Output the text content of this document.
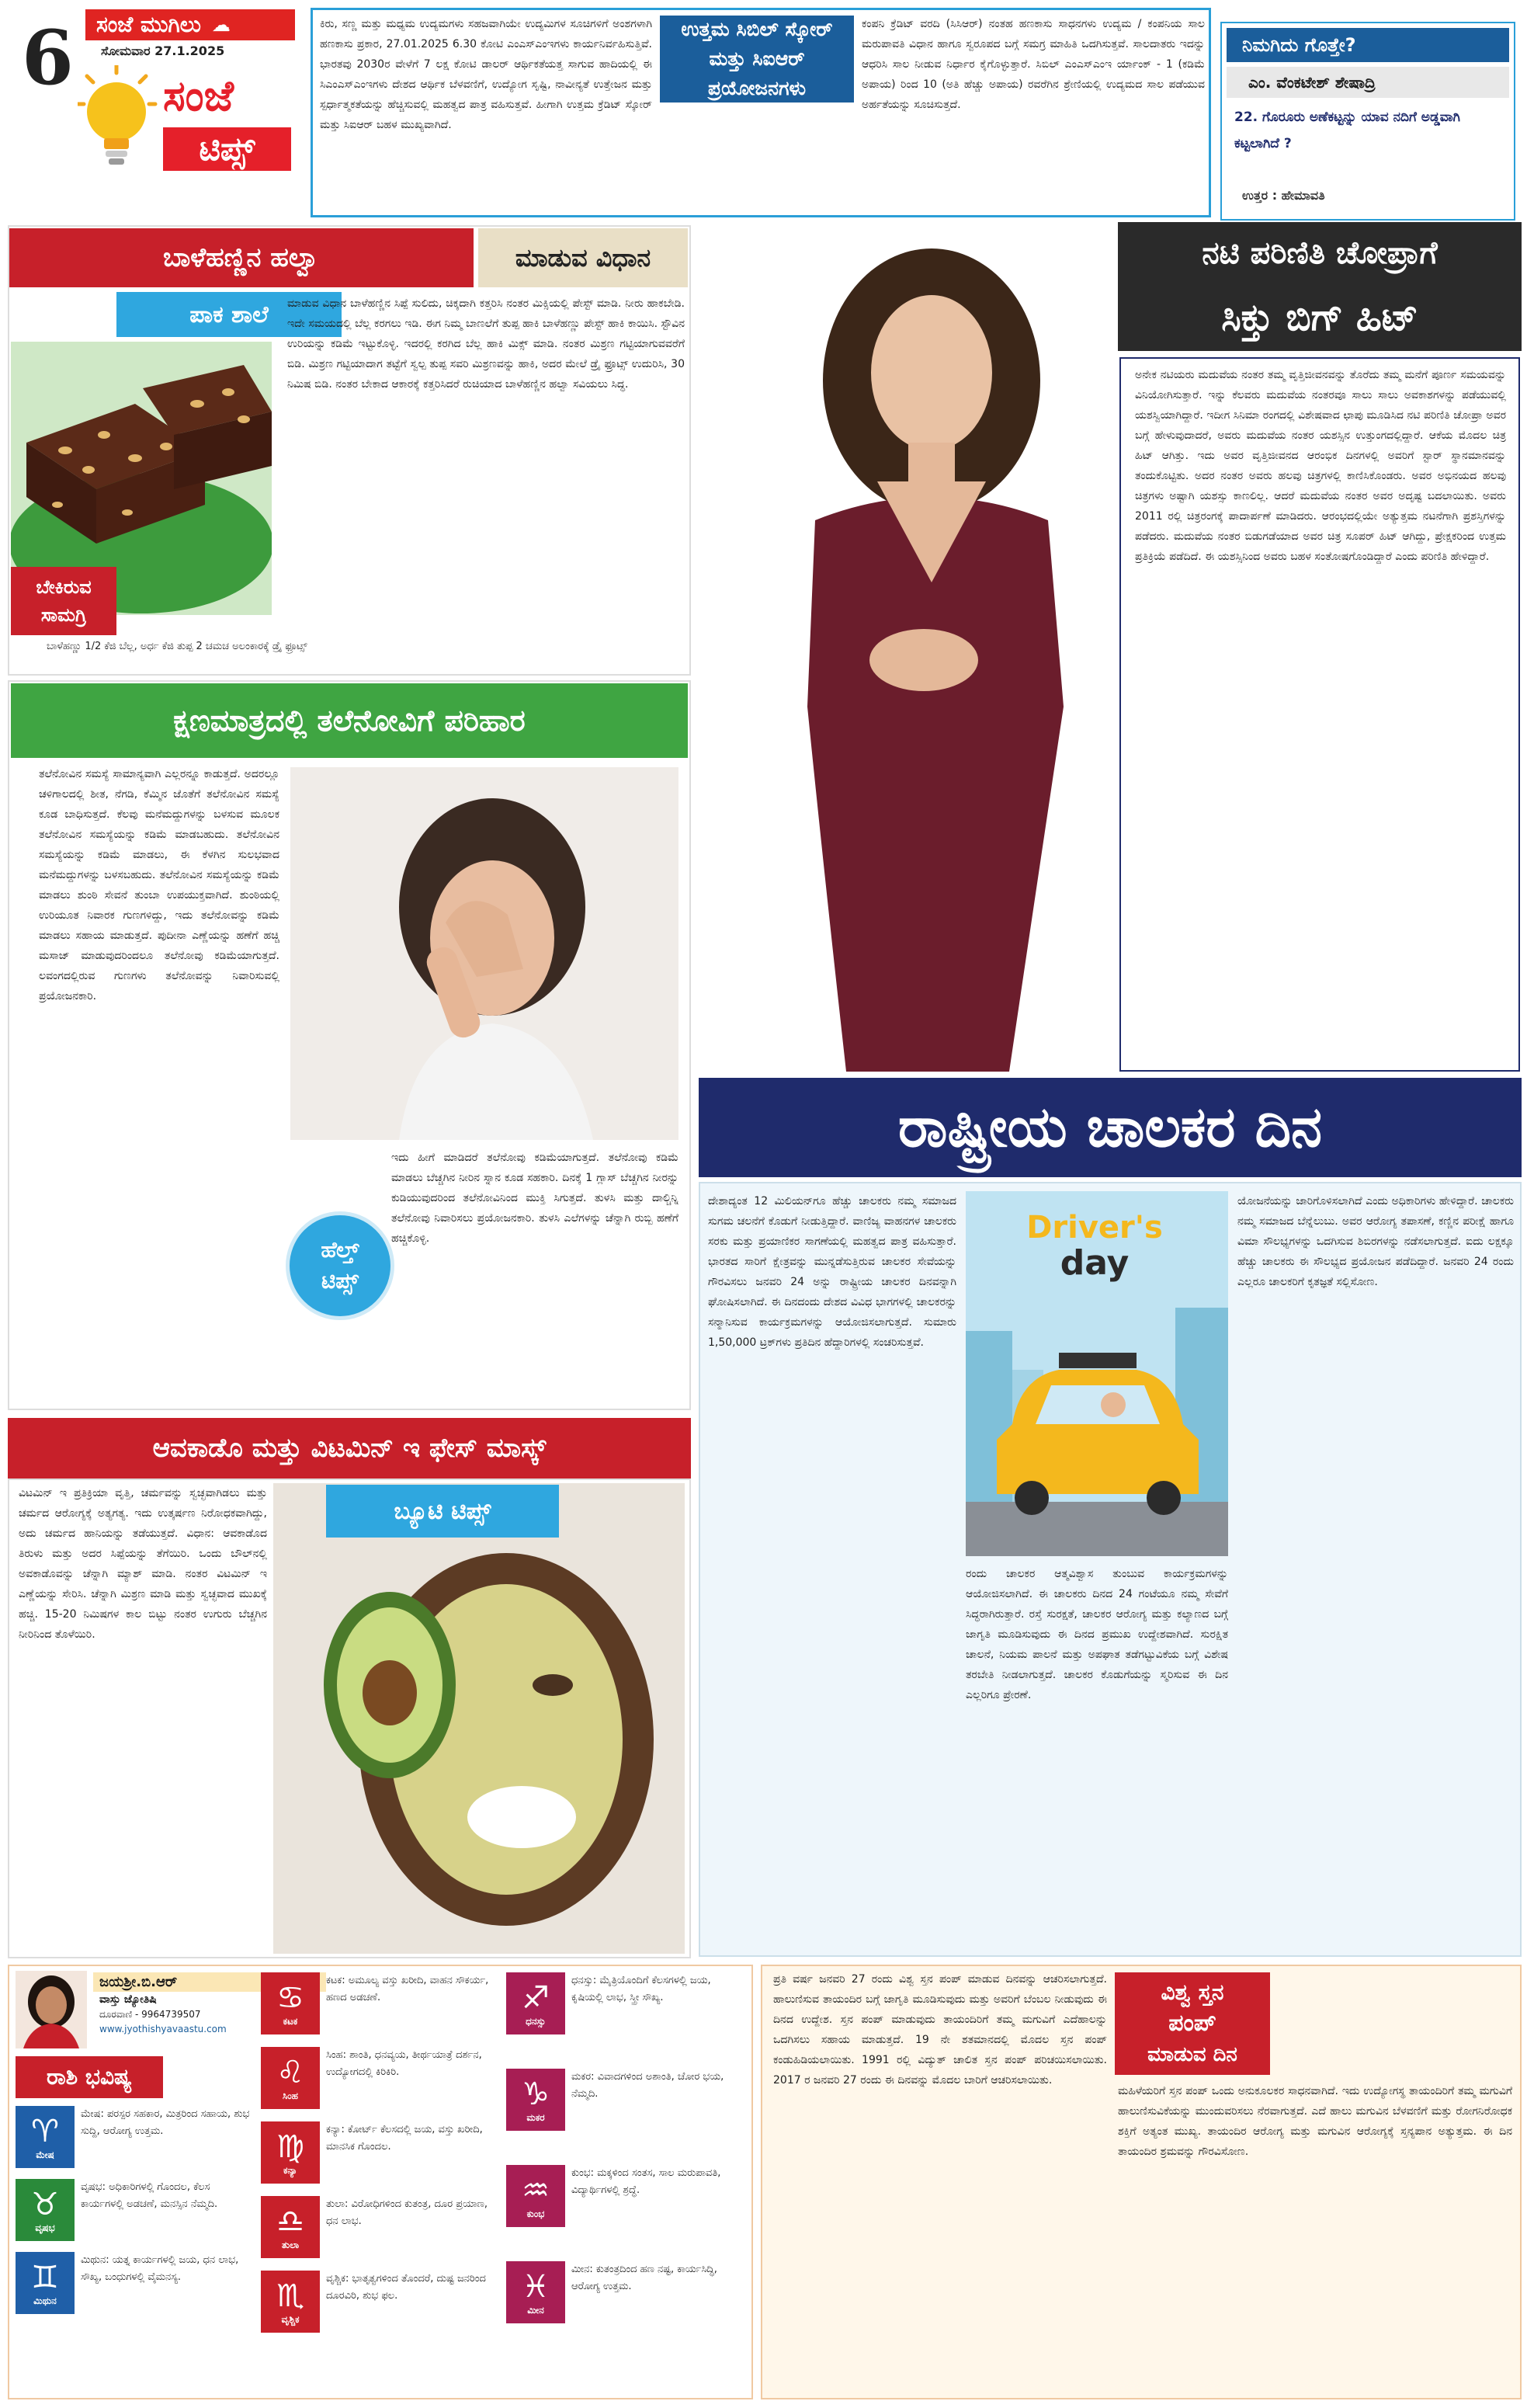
6 ಸಂಜೆ ಮುಗಿಲು ☁
ಸೋಮವಾರ 27.1.2025
ಸಂಜೆ
ಟಿಪ್ಸ್
ಕಿರು, ಸಣ್ಣ ಮತ್ತು ಮಧ್ಯಮ ಉದ್ಯಮಗಳು ಸಹಜವಾಗಿಯೇ ಉದ್ಯಮಿಗಳ ಸೂಚಿಗಳಿಗೆ ಅಂಶಗಳಾಗಿ ಹಣಕಾಸು ಪ್ರಕಾರ, 27.01.2025 6.30 ಕೋಟಿ ಎಂಎಸ್‌ಎಂಇಗಳು ಕಾರ್ಯನಿರ್ವಹಿಸುತ್ತಿವೆ. ಭಾರತವು 2030ರ ವೇಳೆಗೆ 7 ಲಕ್ಷ ಕೋಟಿ ಡಾಲರ್ ಆರ್ಥಿಕತೆಯತ್ತ ಸಾಗುವ ಹಾದಿಯಲ್ಲಿ ಈ ಸಿಎಂಎಸ್‌ಎಂಇಗಳು ದೇಶದ ಆರ್ಥಿಕ ಬೆಳವಣಿಗೆ, ಉದ್ಯೋಗ ಸೃಷ್ಟಿ, ನಾವೀನ್ಯತೆ ಉತ್ತೇಜನ ಮತ್ತು ಸ್ಪರ್ಧಾತ್ಮಕತೆಯನ್ನು ಹೆಚ್ಚಿಸುವಲ್ಲಿ ಮಹತ್ವದ ಪಾತ್ರ ವಹಿಸುತ್ತವೆ. ಹೀಗಾಗಿ ಉತ್ತಮ ಕ್ರೆಡಿಟ್ ಸ್ಕೋರ್ ಮತ್ತು ಸಿಐಆರ್ ಬಹಳ ಮುಖ್ಯವಾಗಿದೆ.
ಉತ್ತಮ ಸಿಬಿಲ್ ಸ್ಕೋರ್
ಮತ್ತು ಸಿಐಆರ್
ಪ್ರಯೋಜನಗಳು
ಕಂಪನಿ ಕ್ರೆಡಿಟ್ ವರದಿ (ಸಿಸಿಆರ್) ನಂತಹ ಹಣಕಾಸು ಸಾಧನಗಳು ಉದ್ಯಮ / ಕಂಪನಿಯ ಸಾಲ ಮರುಪಾವತಿ ವಿಧಾನ ಹಾಗೂ ಸ್ವರೂಪದ ಬಗ್ಗೆ ಸಮಗ್ರ ಮಾಹಿತಿ ಒದಗಿಸುತ್ತವೆ. ಸಾಲದಾತರು ಇದನ್ನು ಆಧರಿಸಿ ಸಾಲ ನೀಡುವ ನಿರ್ಧಾರ ಕೈಗೊಳ್ಳುತ್ತಾರೆ. ಸಿಬಿಲ್ ಎಂಎಸ್‌ಎಂಇ ರ್ಯಾಂಕ್ - 1 (ಕಡಿಮೆ ಅಪಾಯ) ರಿಂದ 10 (ಅತಿ ಹೆಚ್ಚು ಅಪಾಯ) ರವರೆಗಿನ ಶ್ರೇಣಿಯಲ್ಲಿ ಉದ್ಯಮದ ಸಾಲ ಪಡೆಯುವ ಅರ್ಹತೆಯನ್ನು ಸೂಚಿಸುತ್ತದೆ.
ನಿಮಗಿದು ಗೊತ್ತೇ?
ಎಂ. ವೆಂಕಟೇಶ್ ಶೇಷಾದ್ರಿ
22. ಗೊರೂರು ಅಣೆಕಟ್ಟನ್ನು ಯಾವ ನದಿಗೆ ಅಡ್ಡವಾಗಿ ಕಟ್ಟಲಾಗಿದೆ ?
ಉತ್ತರ : ಹೇಮಾವತಿ
ಬಾಳೆಹಣ್ಣಿನ ಹಲ್ವಾ	ಮಾಡುವ ವಿಧಾನ
ಪಾಕ ಶಾಲೆ
ಬೇಕಿರುವ
ಸಾಮಗ್ರಿ
ಬಾಳೆಹಣ್ಣು 1/2 ಕೆಜಿ ಬೆಲ್ಲ, ಅರ್ಧ ಕೆಜಿ ತುಪ್ಪ 2 ಚಮಚ ಅಲಂಕಾರಕ್ಕೆ ಡ್ರೈ ಫ್ರೂಟ್ಸ್
ಮಾಡುವ ವಿಧಾನ ಬಾಳೆಹಣ್ಣಿನ ಸಿಪ್ಪೆ ಸುಲಿದು, ಚಿಕ್ಕದಾಗಿ ಕತ್ತರಿಸಿ ನಂತರ ಮಿಕ್ಸಿಯಲ್ಲಿ ಪೇಸ್ಟ್ ಮಾಡಿ. ನೀರು ಹಾಕಬೇಡಿ. ಇದೇ ಸಮಯದಲ್ಲಿ ಬೆಲ್ಲ ಕರಗಲು ಇಡಿ. ಈಗ ನಿಮ್ಮ ಬಾಣಲೆಗೆ ತುಪ್ಪ ಹಾಕಿ ಬಾಳೆಹಣ್ಣು ಪೇಸ್ಟ್ ಹಾಕಿ ಕಾಯಿಸಿ. ಸ್ಟೌವಿನ ಉರಿಯನ್ನು ಕಡಿಮೆ ಇಟ್ಟುಕೊಳ್ಳಿ. ಇದರಲ್ಲಿ ಕರಗಿದ ಬೆಲ್ಲ ಹಾಕಿ ಮಿಕ್ಸ್ ಮಾಡಿ. ನಂತರ ಮಿಶ್ರಣ ಗಟ್ಟಿಯಾಗುವವರೆಗೆ ಬಿಡಿ. ಮಿಶ್ರಣ ಗಟ್ಟಿಯಾದಾಗ ತಟ್ಟೆಗೆ ಸ್ವಲ್ಪ ತುಪ್ಪ ಸವರಿ ಮಿಶ್ರಣವನ್ನು ಹಾಕಿ, ಅದರ ಮೇಲೆ ಡ್ರೈ ಫ್ರೂಟ್ಸ್ ಉದುರಿಸಿ, 30 ನಿಮಿಷ ಬಿಡಿ. ನಂತರ ಬೇಕಾದ ಆಕಾರಕ್ಕೆ ಕತ್ತರಿಸಿದರೆ ರುಚಿಯಾದ ಬಾಳೆಹಣ್ಣಿನ ಹಲ್ವಾ ಸವಿಯಲು ಸಿದ್ಧ.
ಕ್ಷಣಮಾತ್ರದಲ್ಲಿ ತಲೆನೋವಿಗೆ ಪರಿಹಾರ
ತಲೆನೋವಿನ ಸಮಸ್ಯೆ ಸಾಮಾನ್ಯವಾಗಿ ಎಲ್ಲರನ್ನೂ ಕಾಡುತ್ತದೆ. ಅದರಲ್ಲೂ ಚಳಿಗಾಲದಲ್ಲಿ ಶೀತ, ನೆಗಡಿ, ಕೆಮ್ಮಿನ ಜೊತೆಗೆ ತಲೆನೋವಿನ ಸಮಸ್ಯೆ ಕೂಡ ಬಾಧಿಸುತ್ತದೆ. ಕೆಲವು ಮನೆಮದ್ದುಗಳನ್ನು ಬಳಸುವ ಮೂಲಕ ತಲೆನೋವಿನ ಸಮಸ್ಯೆಯನ್ನು ಕಡಿಮೆ ಮಾಡಬಹುದು. ತಲೆನೋವಿನ ಸಮಸ್ಯೆಯನ್ನು ಕಡಿಮೆ ಮಾಡಲು, ಈ ಕೆಳಗಿನ ಸುಲಭವಾದ ಮನೆಮದ್ದುಗಳನ್ನು ಬಳಸಬಹುದು. ತಲೆನೋವಿನ ಸಮಸ್ಯೆಯನ್ನು ಕಡಿಮೆ ಮಾಡಲು ಶುಂಠಿ ಸೇವನೆ ತುಂಬಾ ಉಪಯುಕ್ತವಾಗಿದೆ. ಶುಂಠಿಯಲ್ಲಿ ಉರಿಯೂತ ನಿವಾರಕ ಗುಣಗಳಿದ್ದು, ಇದು ತಲೆನೋವನ್ನು ಕಡಿಮೆ ಮಾಡಲು ಸಹಾಯ ಮಾಡುತ್ತದೆ. ಪುದೀನಾ ಎಣ್ಣೆಯನ್ನು ಹಣೆಗೆ ಹಚ್ಚಿ ಮಸಾಜ್ ಮಾಡುವುದರಿಂದಲೂ ತಲೆನೋವು ಕಡಿಮೆಯಾಗುತ್ತದೆ. ಲವಂಗದಲ್ಲಿರುವ ಗುಣಗಳು ತಲೆನೋವನ್ನು ನಿವಾರಿಸುವಲ್ಲಿ ಪ್ರಯೋಜನಕಾರಿ.
ಇದು ಹೀಗೆ ಮಾಡಿದರೆ ತಲೆನೋವು ಕಡಿಮೆಯಾಗುತ್ತದೆ. ತಲೆನೋವು ಕಡಿಮೆ ಮಾಡಲು ಬೆಚ್ಚಗಿನ ನೀರಿನ ಸ್ನಾನ ಕೂಡ ಸಹಕಾರಿ. ದಿನಕ್ಕೆ 1 ಗ್ಲಾಸ್ ಬೆಚ್ಚಗಿನ ನೀರನ್ನು ಕುಡಿಯುವುದರಿಂದ ತಲೆನೋವಿನಿಂದ ಮುಕ್ತಿ ಸಿಗುತ್ತದೆ. ತುಳಸಿ ಮತ್ತು ದಾಲ್ಚಿನ್ನಿ ತಲೆನೋವು ನಿವಾರಿಸಲು ಪ್ರಯೋಜನಕಾರಿ. ತುಳಸಿ ಎಲೆಗಳನ್ನು ಚೆನ್ನಾಗಿ ರುಬ್ಬಿ ಹಣೆಗೆ ಹಚ್ಚಿಕೊಳ್ಳಿ.
ಹೆಲ್ತ್
ಟಿಪ್ಸ್
ನಟಿ ಪರಿಣಿತಿ ಚೋಪ್ರಾಗೆ
ಸಿಕ್ತು ಬಿಗ್ ಹಿಟ್
ಅನೇಕ ನಟಿಯರು ಮದುವೆಯ ನಂತರ ತಮ್ಮ ವೃತ್ತಿಜೀವನವನ್ನು ತೊರೆದು ತಮ್ಮ ಮನೆಗೆ ಪೂರ್ಣ ಸಮಯವನ್ನು ವಿನಿಯೋಗಿಸುತ್ತಾರೆ. ಇನ್ನು ಕೆಲವರು ಮದುವೆಯ ನಂತರವೂ ಸಾಲು ಸಾಲು ಅವಕಾಶಗಳನ್ನು ಪಡೆಯುವಲ್ಲಿ ಯಶಸ್ವಿಯಾಗಿದ್ದಾರೆ. ಇದೀಗ ಸಿನಿಮಾ ರಂಗದಲ್ಲಿ ವಿಶೇಷವಾದ ಛಾಪು ಮೂಡಿಸಿದ ನಟಿ ಪರಿಣಿತಿ ಚೋಪ್ರಾ ಅವರ ಬಗ್ಗೆ ಹೇಳುವುದಾದರೆ, ಅವರು ಮದುವೆಯ ನಂತರ ಯಶಸ್ಸಿನ ಉತ್ತುಂಗದಲ್ಲಿದ್ದಾರೆ. ಆಕೆಯ ಮೊದಲ ಚಿತ್ರ ಹಿಟ್ ಆಗಿತ್ತು. ಇದು ಅವರ ವೃತ್ತಿಜೀವನದ ಆರಂಭಿಕ ದಿನಗಳಲ್ಲಿ ಅವರಿಗೆ ಸ್ಟಾರ್ ಸ್ಥಾನಮಾನವನ್ನು ತಂದುಕೊಟ್ಟಿತು. ಅದರ ನಂತರ ಅವರು ಹಲವು ಚಿತ್ರಗಳಲ್ಲಿ ಕಾಣಿಸಿಕೊಂಡರು. ಅವರ ಅಭಿನಯದ ಹಲವು ಚಿತ್ರಗಳು ಅಷ್ಟಾಗಿ ಯಶಸ್ಸು ಕಾಣಲಿಲ್ಲ. ಆದರೆ ಮದುವೆಯ ನಂತರ ಅವರ ಅದೃಷ್ಟ ಬದಲಾಯಿತು. ಅವರು 2011 ರಲ್ಲಿ ಚಿತ್ರರಂಗಕ್ಕೆ ಪಾದಾರ್ಪಣೆ ಮಾಡಿದರು. ಆರಂಭದಲ್ಲಿಯೇ ಅತ್ಯುತ್ತಮ ನಟನೆಗಾಗಿ ಪ್ರಶಸ್ತಿಗಳನ್ನು ಪಡೆದರು. ಮದುವೆಯ ನಂತರ ಬಿಡುಗಡೆಯಾದ ಅವರ ಚಿತ್ರ ಸೂಪರ್ ಹಿಟ್ ಆಗಿದ್ದು, ಪ್ರೇಕ್ಷಕರಿಂದ ಉತ್ತಮ ಪ್ರತಿಕ್ರಿಯೆ ಪಡೆದಿದೆ. ಈ ಯಶಸ್ಸಿನಿಂದ ಅವರು ಬಹಳ ಸಂತೋಷಗೊಂಡಿದ್ದಾರೆ ಎಂದು ಪರಿಣಿತಿ ಹೇಳಿದ್ದಾರೆ.
ರಾಷ್ಟ್ರೀಯ ಚಾಲಕರ ದಿನ
ದೇಶಾದ್ಯಂತ 12 ಮಿಲಿಯನ್‌ಗೂ ಹೆಚ್ಚು ಚಾಲಕರು ನಮ್ಮ ಸಮಾಜದ ಸುಗಮ ಚಲನೆಗೆ ಕೊಡುಗೆ ನೀಡುತ್ತಿದ್ದಾರೆ. ವಾಣಿಜ್ಯ ವಾಹನಗಳ ಚಾಲಕರು ಸರಕು ಮತ್ತು ಪ್ರಯಾಣಿಕರ ಸಾಗಣೆಯಲ್ಲಿ ಮಹತ್ವದ ಪಾತ್ರ ವಹಿಸುತ್ತಾರೆ. ಭಾರತದ ಸಾರಿಗೆ ಕ್ಷೇತ್ರವನ್ನು ಮುನ್ನಡೆಸುತ್ತಿರುವ ಚಾಲಕರ ಸೇವೆಯನ್ನು ಗೌರವಿಸಲು ಜನವರಿ 24 ಅನ್ನು ರಾಷ್ಟ್ರೀಯ ಚಾಲಕರ ದಿನವನ್ನಾಗಿ ಘೋಷಿಸಲಾಗಿದೆ. ಈ ದಿನದಂದು ದೇಶದ ವಿವಿಧ ಭಾಗಗಳಲ್ಲಿ ಚಾಲಕರನ್ನು ಸನ್ಮಾನಿಸುವ ಕಾರ್ಯಕ್ರಮಗಳನ್ನು ಆಯೋಜಿಸಲಾಗುತ್ತದೆ. ಸುಮಾರು 1,50,000 ಟ್ರಕ್‌ಗಳು ಪ್ರತಿದಿನ ಹೆದ್ದಾರಿಗಳಲ್ಲಿ ಸಂಚರಿಸುತ್ತವೆ.
Driver's
day
ರಂದು ಚಾಲಕರ ಆತ್ಮವಿಶ್ವಾಸ ತುಂಬುವ ಕಾರ್ಯಕ್ರಮಗಳನ್ನು ಆಯೋಜಿಸಲಾಗಿದೆ. ಈ ಚಾಲಕರು ದಿನದ 24 ಗಂಟೆಯೂ ನಮ್ಮ ಸೇವೆಗೆ ಸಿದ್ಧರಾಗಿರುತ್ತಾರೆ. ರಸ್ತೆ ಸುರಕ್ಷತೆ, ಚಾಲಕರ ಆರೋಗ್ಯ ಮತ್ತು ಕಲ್ಯಾಣದ ಬಗ್ಗೆ ಜಾಗೃತಿ ಮೂಡಿಸುವುದು ಈ ದಿನದ ಪ್ರಮುಖ ಉದ್ದೇಶವಾಗಿದೆ. ಸುರಕ್ಷಿತ ಚಾಲನೆ, ನಿಯಮ ಪಾಲನೆ ಮತ್ತು ಅಪಘಾತ ತಡೆಗಟ್ಟುವಿಕೆಯ ಬಗ್ಗೆ ವಿಶೇಷ ತರಬೇತಿ ನೀಡಲಾಗುತ್ತದೆ. ಚಾಲಕರ ಕೊಡುಗೆಯನ್ನು ಸ್ಮರಿಸುವ ಈ ದಿನ ಎಲ್ಲರಿಗೂ ಪ್ರೇರಣೆ.
ಯೋಜನೆಯನ್ನು ಜಾರಿಗೊಳಿಸಲಾಗಿದೆ ಎಂದು ಅಧಿಕಾರಿಗಳು ಹೇಳಿದ್ದಾರೆ. ಚಾಲಕರು ನಮ್ಮ ಸಮಾಜದ ಬೆನ್ನೆಲುಬು. ಅವರ ಆರೋಗ್ಯ ತಪಾಸಣೆ, ಕಣ್ಣಿನ ಪರೀಕ್ಷೆ ಹಾಗೂ ವಿಮಾ ಸೌಲಭ್ಯಗಳನ್ನು ಒದಗಿಸುವ ಶಿಬಿರಗಳನ್ನು ನಡೆಸಲಾಗುತ್ತದೆ. ಐದು ಲಕ್ಷಕ್ಕೂ ಹೆಚ್ಚು ಚಾಲಕರು ಈ ಸೌಲಭ್ಯದ ಪ್ರಯೋಜನ ಪಡೆದಿದ್ದಾರೆ. ಜನವರಿ 24 ರಂದು ಎಲ್ಲರೂ ಚಾಲಕರಿಗೆ ಕೃತಜ್ಞತೆ ಸಲ್ಲಿಸೋಣ.
ಆವಕಾಡೊ ಮತ್ತು ವಿಟಮಿನ್ ಇ ಫೇಸ್ ಮಾಸ್ಕ್
ವಿಟಮಿನ್ ಇ ಪ್ರತಿಕ್ರಿಯಾ ವೃತ್ತಿ, ಚರ್ಮವನ್ನು ಸ್ವಚ್ಛವಾಗಿಡಲು ಮತ್ತು ಚರ್ಮದ ಆರೋಗ್ಯಕ್ಕೆ ಅತ್ಯಗತ್ಯ. ಇದು ಉತ್ಕರ್ಷಣ ನಿರೋಧಕವಾಗಿದ್ದು, ಅದು ಚರ್ಮದ ಹಾನಿಯನ್ನು ತಡೆಯುತ್ತದೆ. ವಿಧಾನ: ಆವಕಾಡೊದ ತಿರುಳು ಮತ್ತು ಅದರ ಸಿಪ್ಪೆಯನ್ನು ತೆಗೆಯಿರಿ. ಒಂದು ಬೌಲ್‌ನಲ್ಲಿ ಅವಕಾಡೊವನ್ನು ಚೆನ್ನಾಗಿ ಮ್ಯಾಶ್ ಮಾಡಿ. ನಂತರ ವಿಟಮಿನ್ ಇ ಎಣ್ಣೆಯನ್ನು ಸೇರಿಸಿ. ಚೆನ್ನಾಗಿ ಮಿಶ್ರಣ ಮಾಡಿ ಮತ್ತು ಸ್ವಚ್ಛವಾದ ಮುಖಕ್ಕೆ ಹಚ್ಚಿ. 15-20 ನಿಮಿಷಗಳ ಕಾಲ ಬಿಟ್ಟು ನಂತರ ಉಗುರು ಬೆಚ್ಚಗಿನ ನೀರಿನಿಂದ ತೊಳೆಯಿರಿ.
ಬ್ಯೂಟಿ ಟಿಪ್ಸ್
ಜಯಶ್ರೀ.ಬಿ.ಆರ್
ವಾಸ್ತು ಜ್ಯೋತಿಷಿ
ದೂರವಾಣಿ - 9964739507
www.jyothishyavaastu.com
ರಾಶಿ ಭವಿಷ್ಯ
♈
ಮೇಷ
ಮೇಷ: ಪರಸ್ಪರ ಸಹಕಾರ, ಮಿತ್ರರಿಂದ ಸಹಾಯ, ಶುಭ ಸುದ್ದಿ, ಆರೋಗ್ಯ ಉತ್ತಮ.
♉
ವೃಷಭ
ವೃಷಭ: ಅಧಿಕಾರಿಗಳಲ್ಲಿ ಗೊಂದಲ, ಕೆಲಸ ಕಾರ್ಯಗಳಲ್ಲಿ ಅಡಚಣೆ, ಮನಸ್ಸಿನ ನೆಮ್ಮದಿ.
♊
ಮಿಥುನ
ಮಿಥುನ: ಯತ್ನ ಕಾರ್ಯಗಳಲ್ಲಿ ಜಯ, ಧನ ಲಾಭ, ಸೌಖ್ಯ, ಬಂಧುಗಳಲ್ಲಿ ವೈಮನಸ್ಯ.
♋
ಕಟಕ
ಕಟಕ: ಅಮೂಲ್ಯ ವಸ್ತು ಖರೀದಿ, ವಾಹನ ಸೌಕರ್ಯ, ಹಣದ ಅಡಚಣೆ.
♌
ಸಿಂಹ
ಸಿಂಹ: ಶಾಂತಿ, ಧನವ್ಯಯ, ತೀರ್ಥಯಾತ್ರೆ ದರ್ಶನ, ಉದ್ಯೋಗದಲ್ಲಿ ಕಿರಿಕಿರಿ.
♍
ಕನ್ಯಾ
ಕನ್ಯಾ: ಕೋರ್ಟ್ ಕೆಲಸದಲ್ಲಿ ಜಯ, ವಸ್ತು ಖರೀದಿ, ಮಾನಸಿಕ ಗೊಂದಲ.
♎
ತುಲಾ
ತುಲಾ: ವಿರೋಧಿಗಳಿಂದ ಕುತಂತ್ರ, ದೂರ ಪ್ರಯಾಣ, ಧನ ಲಾಭ.
♏
ವೃಶ್ಚಿಕ
ವೃಶ್ಚಿಕ: ಭಾತೃತ್ವಗಳಿಂದ ತೊಂದರೆ, ದುಷ್ಟ ಜನರಿಂದ ದೂರವಿರಿ, ಶುಭ ಫಲ.
♐
ಧನಸ್ಸು
ಧನಸ್ಸು: ಮೈತ್ರಿಯೊಂದಿಗೆ ಕೆಲಸಗಳಲ್ಲಿ ಜಯ, ಕೃಷಿಯಲ್ಲಿ ಲಾಭ, ಸ್ತ್ರೀ ಸೌಖ್ಯ.
♑
ಮಕರ
ಮಕರ: ವಿವಾದಗಳಿಂದ ಅಶಾಂತಿ, ಚೋರ ಭಯ, ನೆಮ್ಮದಿ.
♒
ಕುಂಭ
ಕುಂಭ: ಮಕ್ಕಳಿಂದ ಸಂತಸ, ಸಾಲ ಮರುಪಾವತಿ, ವಿದ್ಯಾರ್ಥಿಗಳಲ್ಲಿ ಶ್ರದ್ಧೆ.
♓
ಮೀನ
ಮೀನ: ಕುತಂತ್ರದಿಂದ ಹಣ ನಷ್ಟ, ಕಾರ್ಯಸಿದ್ಧಿ, ಆರೋಗ್ಯ ಉತ್ತಮ.
ಪ್ರತಿ ವರ್ಷ ಜನವರಿ 27 ರಂದು ವಿಶ್ವ ಸ್ತನ ಪಂಪ್ ಮಾಡುವ ದಿನವನ್ನು ಆಚರಿಸಲಾಗುತ್ತದೆ. ಹಾಲುಣಿಸುವ ತಾಯಂದಿರ ಬಗ್ಗೆ ಜಾಗೃತಿ ಮೂಡಿಸುವುದು ಮತ್ತು ಅವರಿಗೆ ಬೆಂಬಲ ನೀಡುವುದು ಈ ದಿನದ ಉದ್ದೇಶ. ಸ್ತನ ಪಂಪ್ ಮಾಡುವುದು ತಾಯಂದಿರಿಗೆ ತಮ್ಮ ಮಗುವಿಗೆ ಎದೆಹಾಲನ್ನು ಒದಗಿಸಲು ಸಹಾಯ ಮಾಡುತ್ತದೆ. 19 ನೇ ಶತಮಾನದಲ್ಲಿ ಮೊದಲ ಸ್ತನ ಪಂಪ್ ಕಂಡುಹಿಡಿಯಲಾಯಿತು. 1991 ರಲ್ಲಿ ವಿದ್ಯುತ್ ಚಾಲಿತ ಸ್ತನ ಪಂಪ್ ಪರಿಚಯಿಸಲಾಯಿತು. 2017 ರ ಜನವರಿ 27 ರಂದು ಈ ದಿನವನ್ನು ಮೊದಲ ಬಾರಿಗೆ ಆಚರಿಸಲಾಯಿತು.
ವಿಶ್ವ ಸ್ತನ
ಪಂಪ್
ಮಾಡುವ ದಿನ
ಮಹಿಳೆಯರಿಗೆ ಸ್ತನ ಪಂಪ್ ಒಂದು ಅನುಕೂಲಕರ ಸಾಧನವಾಗಿದೆ. ಇದು ಉದ್ಯೋಗಸ್ಥ ತಾಯಂದಿರಿಗೆ ತಮ್ಮ ಮಗುವಿಗೆ ಹಾಲುಣಿಸುವಿಕೆಯನ್ನು ಮುಂದುವರಿಸಲು ನೆರವಾಗುತ್ತದೆ. ಎದೆ ಹಾಲು ಮಗುವಿನ ಬೆಳವಣಿಗೆ ಮತ್ತು ರೋಗನಿರೋಧಕ ಶಕ್ತಿಗೆ ಅತ್ಯಂತ ಮುಖ್ಯ. ತಾಯಂದಿರ ಆರೋಗ್ಯ ಮತ್ತು ಮಗುವಿನ ಆರೋಗ್ಯಕ್ಕೆ ಸ್ತನ್ಯಪಾನ ಅತ್ಯುತ್ತಮ. ಈ ದಿನ ತಾಯಂದಿರ ಶ್ರಮವನ್ನು ಗೌರವಿಸೋಣ.
